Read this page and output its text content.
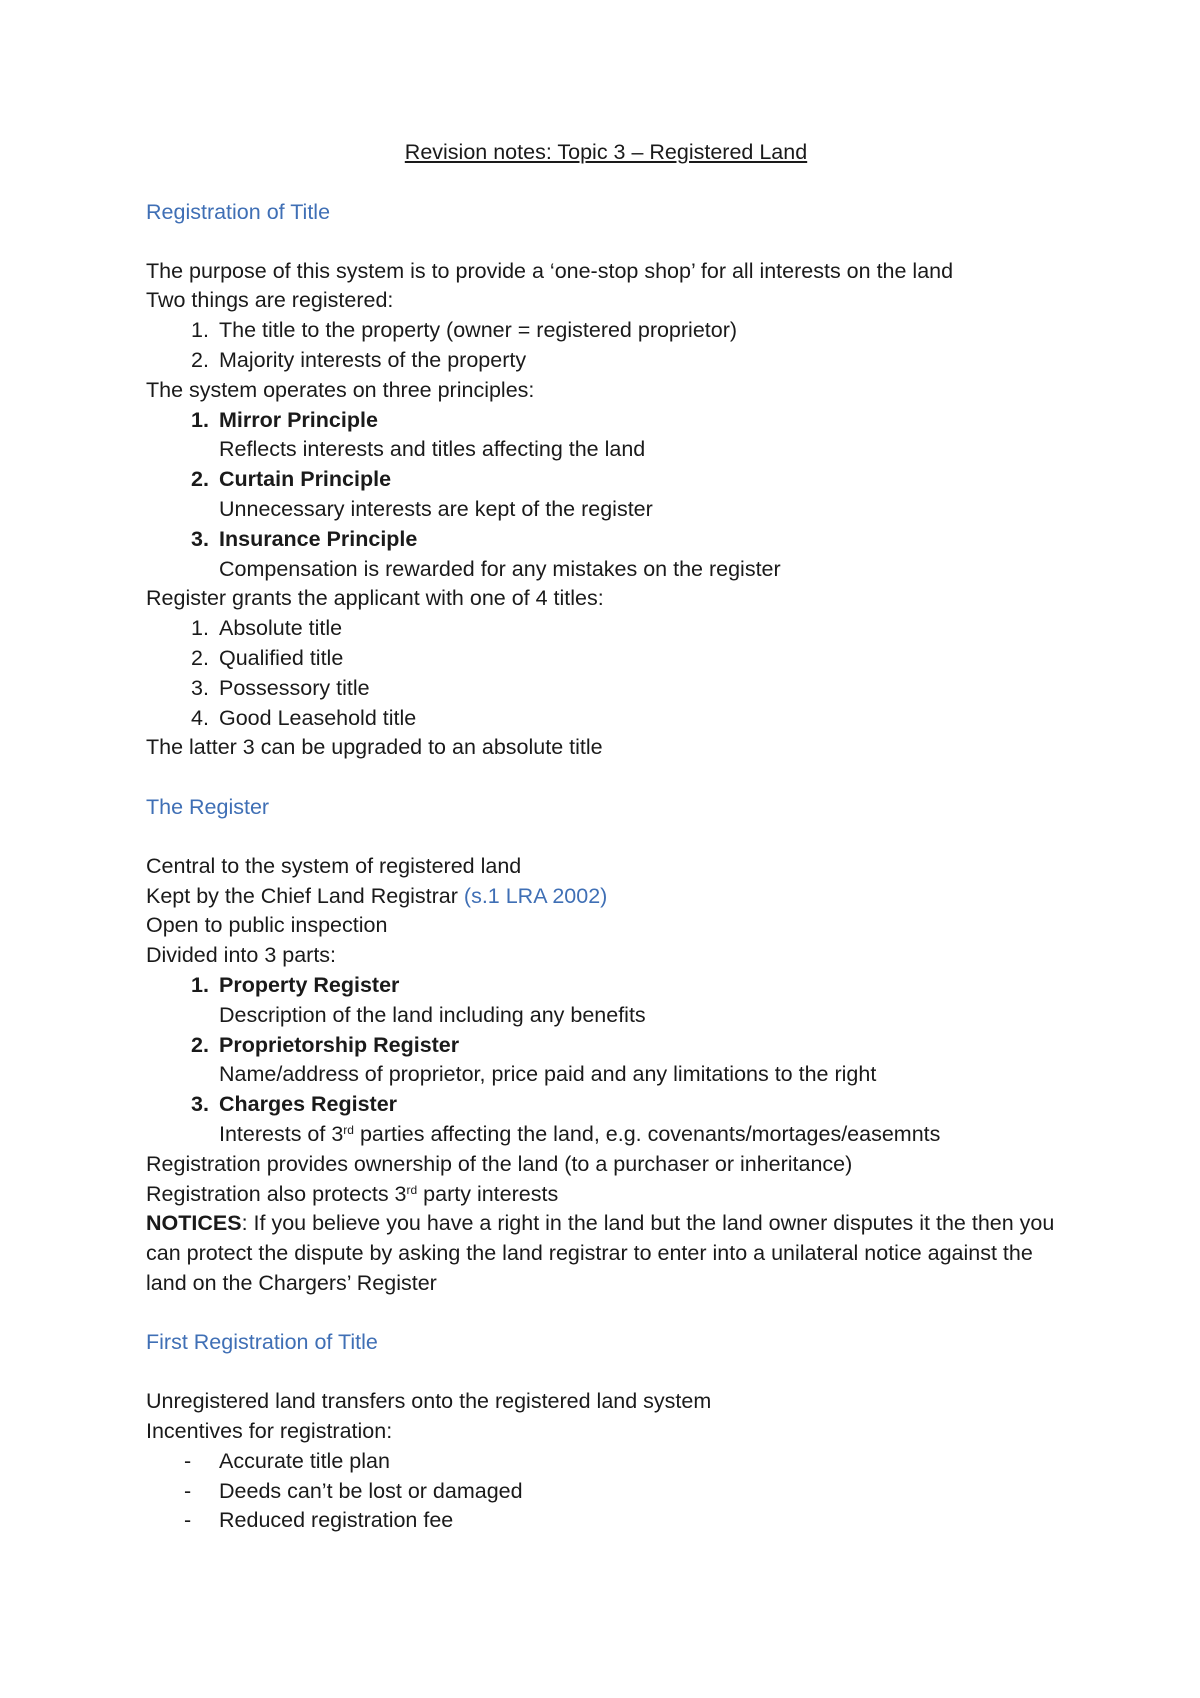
Revision notes: Topic 3 – Registered Land
Registration of Title

The purpose of this system is to provide a ‘one-stop shop’ for all interests on the land

Two things are registered:

1. The title to the property (owner = registered proprietor)
2. Majority interests of the property

The system operates on three principles:

1. Mirror Principle
Reflects interests and titles affecting the land
2. Curtain Principle
Unnecessary interests are kept of the register
3. Insurance Principle
Compensation is rewarded for any mistakes on the register

Register grants the applicant with one of 4 titles:

1. Absolute title
2. Qualified title
3. Possessory title
4. Good Leasehold title

The latter 3 can be upgraded to an absolute title

The Register

Central to the system of registered land

Kept by the Chief Land Registrar (s.1 LRA 2002)

Open to public inspection

Divided into 3 parts:

1. Property Register
Description of the land including any benefits
2. Proprietorship Register
Name/address of proprietor, price paid and any limitations to the right
3. Charges Register
Interests of 3rd parties affecting the land, e.g. covenants/mortages/easemnts

Registration provides ownership of the land (to a purchaser or inheritance)

Registration also protects 3rd party interests

NOTICES: If you believe you have a right in the land but the land owner disputes it the then you can protect the dispute by asking the land registrar to enter into a unilateral notice against the land on the Chargers’ Register

First Registration of Title

Unregistered land transfers onto the registered land system

Incentives for registration:

-	Accurate title plan
-	Deeds can’t be lost or damaged
-	Reduced registration fee
